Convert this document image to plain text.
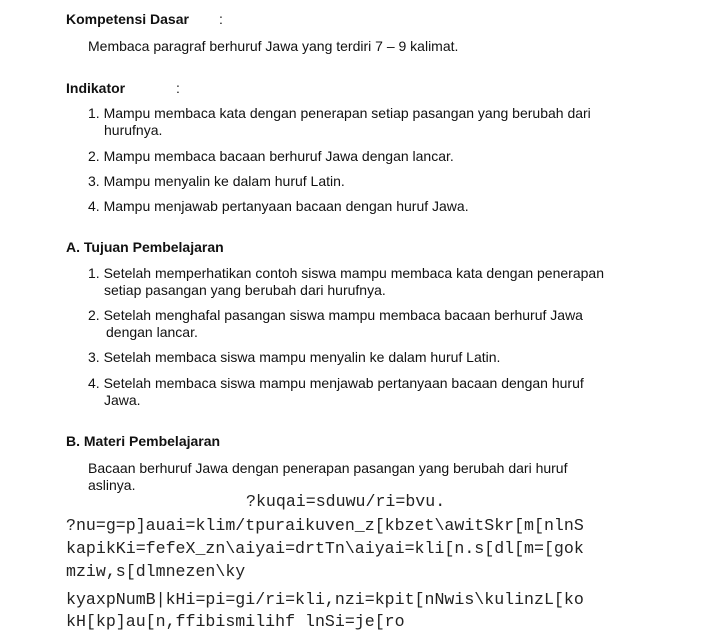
Kompetensi Dasar :
Membaca paragraf berhuruf Jawa yang terdiri 7 – 9 kalimat.
Indikator	:
1. Mampu membaca kata dengan penerapan setiap pasangan yang berubah dari
hurufnya.
2. Mampu membaca bacaan berhuruf Jawa dengan lancar.
3. Mampu menyalin ke dalam huruf Latin.
4. Mampu menjawab pertanyaan bacaan dengan huruf Jawa.
A. Tujuan Pembelajaran
1. Setelah memperhatikan contoh siswa mampu membaca kata dengan penerapan
setiap pasangan yang berubah dari hurufnya.
2. Setelah menghafal pasangan siswa mampu membaca bacaan berhuruf Jawa
dengan lancar.
3. Setelah membaca siswa mampu menyalin ke dalam huruf Latin.
4. Setelah membaca siswa mampu menjawab pertanyaan bacaan dengan huruf
Jawa.
B. Materi Pembelajaran
Bacaan berhuruf Jawa dengan penerapan pasangan yang berubah dari huruf
aslinya.
?kuqai=sduwu/ri=bvu.
?nu=g=p]auai=klim/tpuraikuven_z[kbzet\awitSkr[m[nlnS
kapikKi=fefeX_zn\aiyai=drtTn\aiyai=kli[n.s[dl[m=[gok
mziw,s[dlmnezen\ky
kyaxpNumB|kHi=pi=gi/ri=kli,nzi=kpit[nNwis\kulinzL[ko
kH[kp]au[n,ffibismilihf lnSi=je[ro
